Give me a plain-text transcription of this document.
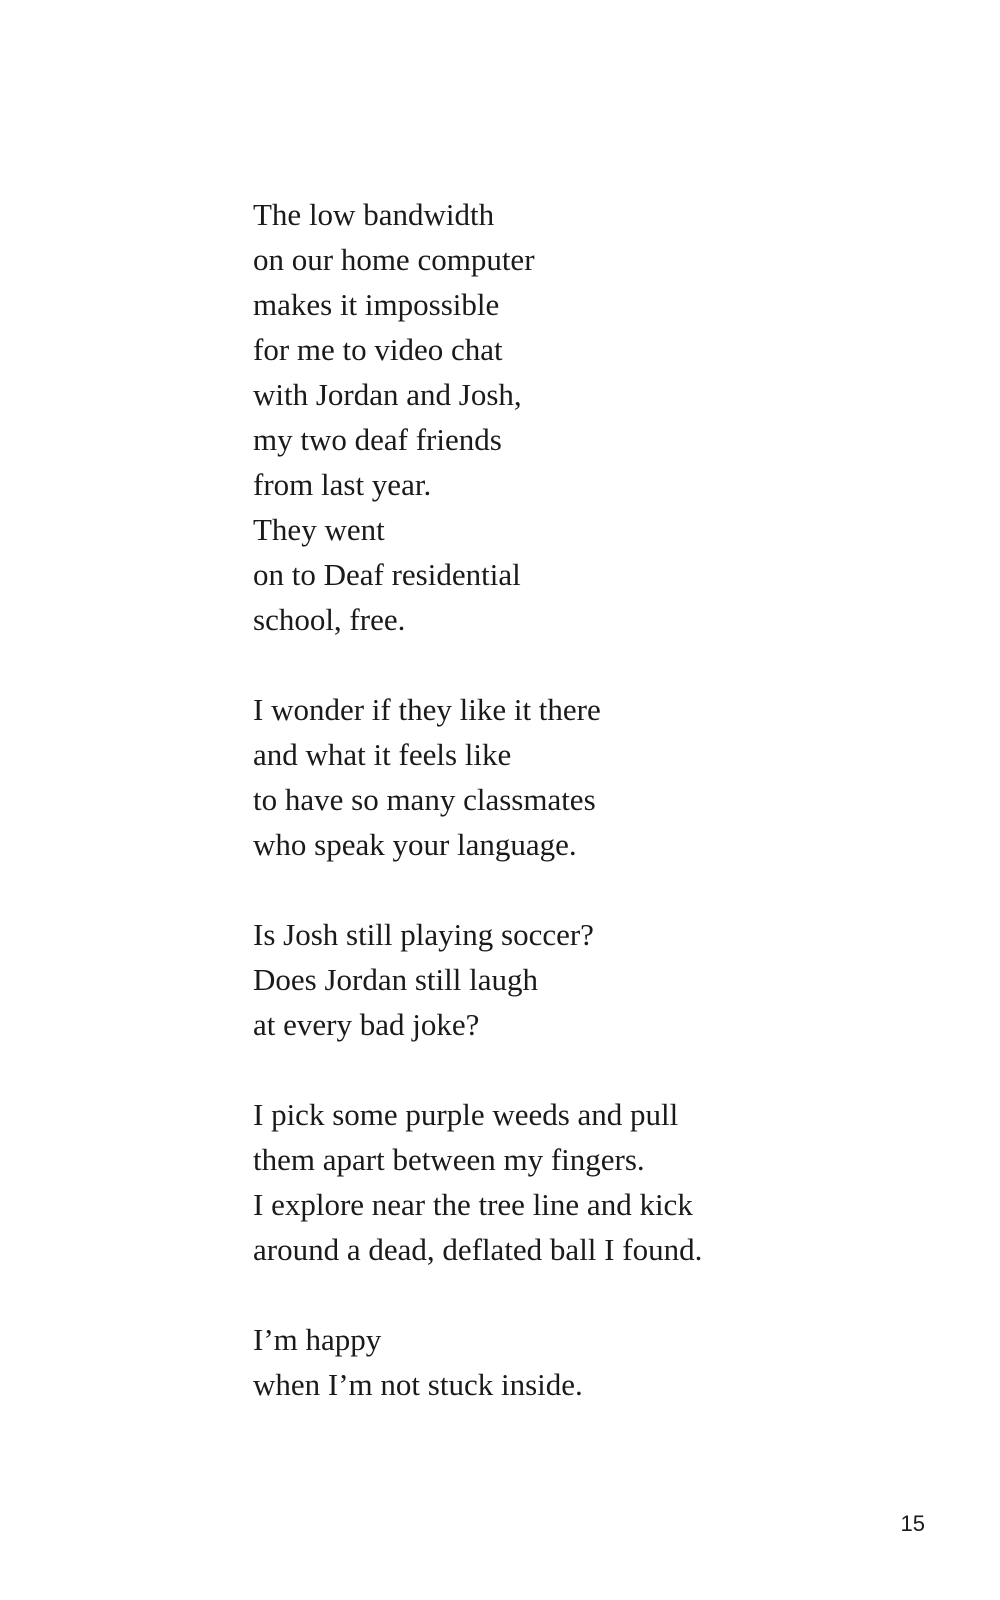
The low bandwidth
on our home computer
makes it impossible
for me to video chat
with Jordan and Josh,
my two deaf friends
from last year.
They went
on to Deaf residential
school, free.
I wonder if they like it there
and what it feels like
to have so many classmates
who speak your language.
Is Josh still playing soccer?
Does Jordan still laugh
at every bad joke?
I pick some purple weeds and pull
them apart between my fingers.
I explore near the tree line and kick
around a dead, deflated ball I found.
I’m happy
when I’m not stuck inside.
15
